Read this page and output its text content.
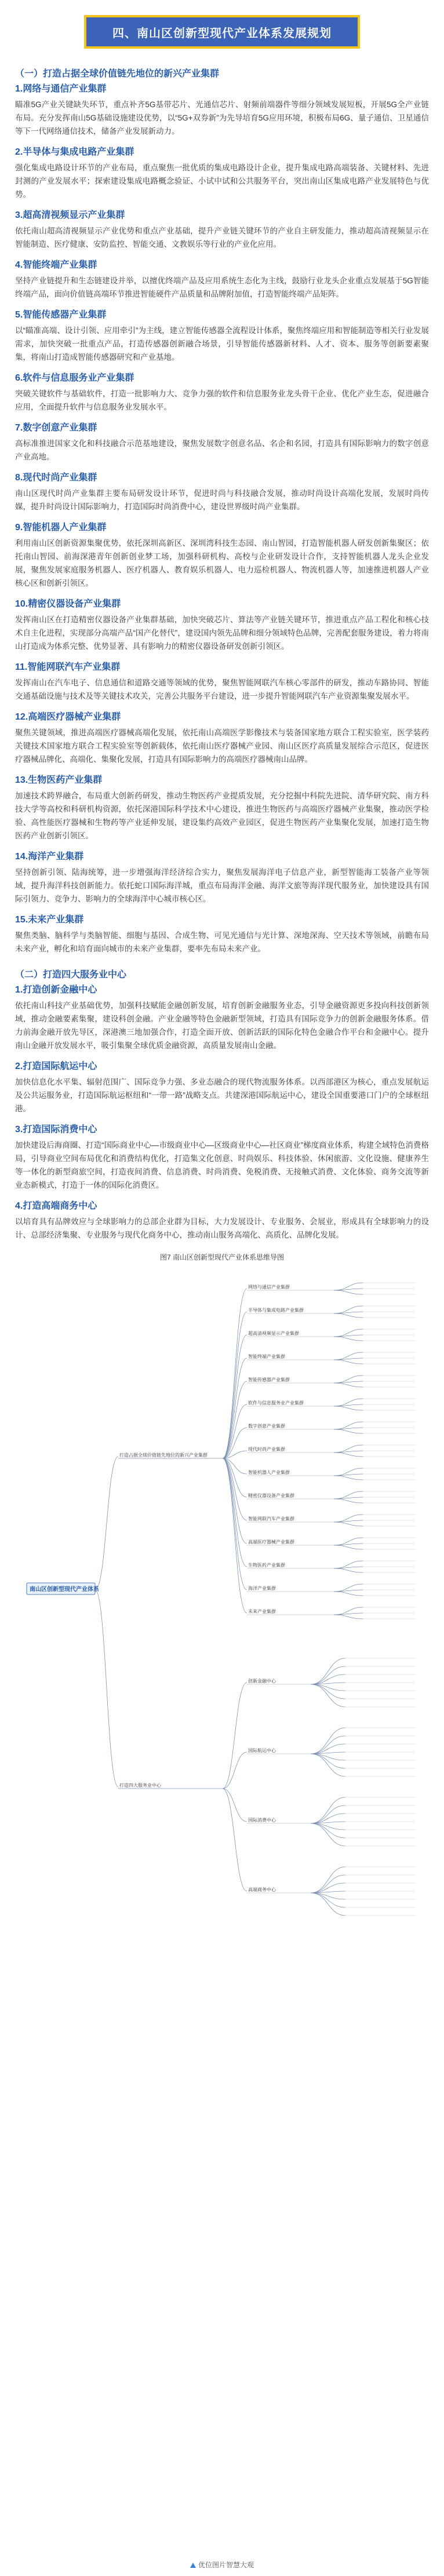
四、南山区创新型现代产业体系发展规划
（一）打造占据全球价值链先地位的新兴产业集群
1.网络与通信产业集群

瞄准5G产业关键缺失环节，重点补齐5G基带芯片、光通信芯片、射频前端器件等细分领域发展短板，开展5G全产业链布局。充分发挥南山5G基础设施建设优势，以“5G+双券新”为先导培育5G应用环境，积极布局6G、量子通信、卫星通信等下一代网络通信技术，储备产业发展新动力。

2.半导体与集成电路产业集群

强化集成电路设计环节的产业布局，重点聚焦一批优质的集成电路设计企业，提升集成电路高端装备、关键材料、先进封测的产业发展水平；探索建设集成电路概念验证、小试中试和公共服务平台，突出南山区集成电路产业发展特色与优势。

3.超高清视频显示产业集群

依托南山超高清视频显示产业优势和重点产业基础，提升产业链关键环节的产业自主研发能力，推动超高清视频显示在智能制造、医疗健康、安防监控、智能交通、文教娱乐等行业的产业化应用。

4.智能终端产业集群

坚持产业链提升和生态链建设并举，以擅优终端产品及应用系统生态化为主线，鼓励行业龙头企业重点发展基于5G智能终端产品，面向价值链高端环节推进智能硬件产品质量和品牌附加值，打造智能终端产品矩阵。

5.智能传感器产业集群

以“瞄准高端、设计引领、应用牵引”为主线，建立智能传感器全流程设计体系，聚焦终端应用和智能制造等相关行业发展需求，加快突破一批重点产品，打造传感器创新融合场景，引导智能传感器新材料、人才、资本、服务等创新要素聚集，将南山打造成智能传感器研究和产业基地。

6.软件与信息服务业产业集群

突破关键软件与基础软件，打造一批影响力大、竞争力强的软件和信息服务业龙头骨干企业、优化产业生态，促进融合应用，全面提升软件与信息服务业发展水平。

7.数字创意产业集群

高标准推进国家文化和科技融合示范基地建设，聚焦发展数字创意名品、名企和名园，打造具有国际影响力的数字创意产业高地。

8.现代时尚产业集群

南山区现代时尚产业集群主要布局研发设计环节，促进时尚与科技融合发展，推动时尚设计高端化发展，发展时尚传媒，提升时尚设计国际影响力，打造国际时尚消费中心，建设世界级时尚产业集群。

9.智能机器人产业集群

利用南山区创新资源集聚优势，依托深圳高新区、深圳湾科技生态园、南山智园，打造智能机器人研发创新集聚区；依托南山智园、前海深港青年创新创业梦工场，加强科研机构、高校与企业研发设计合作，支持智能机器人龙头企业发展，聚焦发展家庭服务机器人、医疗机器人、教育娱乐机器人、电力巡检机器人、物流机器人等，加速推进机器人产业核心区和创新引领区。

10.精密仪器设备产业集群

发挥南山区在打造精密仪器设备产业集群基础，加快突破芯片、算法等产业链关键环节，推进重点产品工程化和核心技术自主化进程，实现部分高端产品“国产化替代”，建设国内领先品牌和细分领域特色品牌，完善配套服务建设，着力将南山打造成为体系完整、优势显著、具有影响力的精密仪器设备研发创新引领区。

11.智能网联汽车产业集群

发挥南山在汽车电子、信息通信和道路交通等领域的优势，聚焦智能网联汽车核心零部件的研发，推动车路协同、智能交通基础设施与技术及等关键技术攻关，完善公共服务平台建设，进一步提升智能网联汽车产业资源集聚发展水平。

12.高端医疗器械产业集群

聚焦关键领域，推进高端医疗器械高端化发展，依托南山高端医学影像技术与装备国家地方联合工程实验室，医学装药关键技术国家地方联合工程实验室等创新载体，依托南山医疗器械产业园、南山区医疗高质量发展综合示范区，促进医疗器械品牌化、高端化、集聚化发展，打造具有国际影响力的高端医疗器械南山品牌。

13.生物医药产业集群

加速技术跨界融合，布局重大创新药研发，推动生物医药产业提质发展，充分挖掘中科院先进院、清华研究院、南方科技大学等高校和科研机构资源，依托深港国际科学技术中心建设，推进生物医药与高端医疗器械产业集聚，推动医学检验、高性能医疗器械和生物药等产业延伸发展，建设集约高效产业园区，促进生物医药产业集聚化发展，加速打造生物医药产业创新引领区。

14.海洋产业集群

坚持创新引领、陆海统筹，进一步增强海洋经济综合实力，聚焦发展海洋电子信息产业，新型智能海工装备产业等领域，提升海洋科技创新能力。依托蛇口国际海洋城，重点布局海洋金融、海洋文旅等海洋现代服务业，加快建设具有国际引领力、竞争力、影响力的全球海洋中心城市核心区。

15.未来产业集群

聚焦类脑、脑科学与类脑智能、细胞与基因、合成生物、可见光通信与光计算、深地深海、空天技术等领域，前瞻布局未来产业，孵化和培育面向城市的未来产业集群，要率先布局未来产业。

（二）打造四大服务业中心
1.打造创新金融中心

依托南山科技产业基础优势，加强科技赋能金融创新发展，培育创新金融服务业态，引导金融资源更多投向科技创新领域，推动金融要素集聚，建设科创金融。产业金融等特色金融新型领域，打造具有国际竞争力的创新金融服务体系。借力前海金融开放先导区，深港澳三地加强合作，打造全面开放、创新活跃的国际化特色金融合作平台和金融中心。提升南山金融开放发展水平，吸引集聚全球优质金融资源，高质量发展南山金融。

2.打造国际航运中心

加快信息化水平集、辐射范围广、国际竞争力强、多业态融合的现代物流服务体系。以西部港区为核心，重点发展航运及公共运服务业，打造国际航运枢纽和“一带一路”战略支点。共建深港国际航运中心，建设全国重要港口门户的全球枢纽港。

3.打造国际消费中心

加快建设后海商圈、打造“国际商业中心—市级商业中心—区级商业中心—社区商业”梯度商业体系，构建全域特色消费格局，引导商业空间布局优化和消费结构优化，打造集文化创意、时尚娱乐、科技体验、休闲旅游、文化设施、健康养生等一体化的新型商旅空间，打造夜间消费、信息消费、时尚消费、免税消费、无接触式消费、文化体验、商务交流等新业态新模式，打造于一体的国际化消费区。

4.打造高端商务中心

以培育具有品牌效应与全球影响力的总部企业群为目标，大力发展设计、专业服务、会展业，形成具有全球影响力的设计、总部经济集聚、专业服务与现代化商务中心，推动南山服务高端化、高质化、品牌化发展。

图7 南山区创新型现代产业体系思维导图
南山区创新型现代产业体系
打造占据全球价值链先地位的新兴产业集群
打造四大服务业中心
网络与通信产业集群
半导体与集成电路产业集群
超高清视频显示产业集群
智能终端产业集群
智能传感器产业集群
软件与信息服务业产业集群
数字创意产业集群
现代时尚产业集群
智能机器人产业集群
精密仪器设备产业集群
智能网联汽车产业集群
高端医疗器械产业集群
生物医药产业集群
海洋产业集群
未来产业集群
创新金融中心
国际航运中心
国际消费中心
高端商务中心
优位图片智慧大观
